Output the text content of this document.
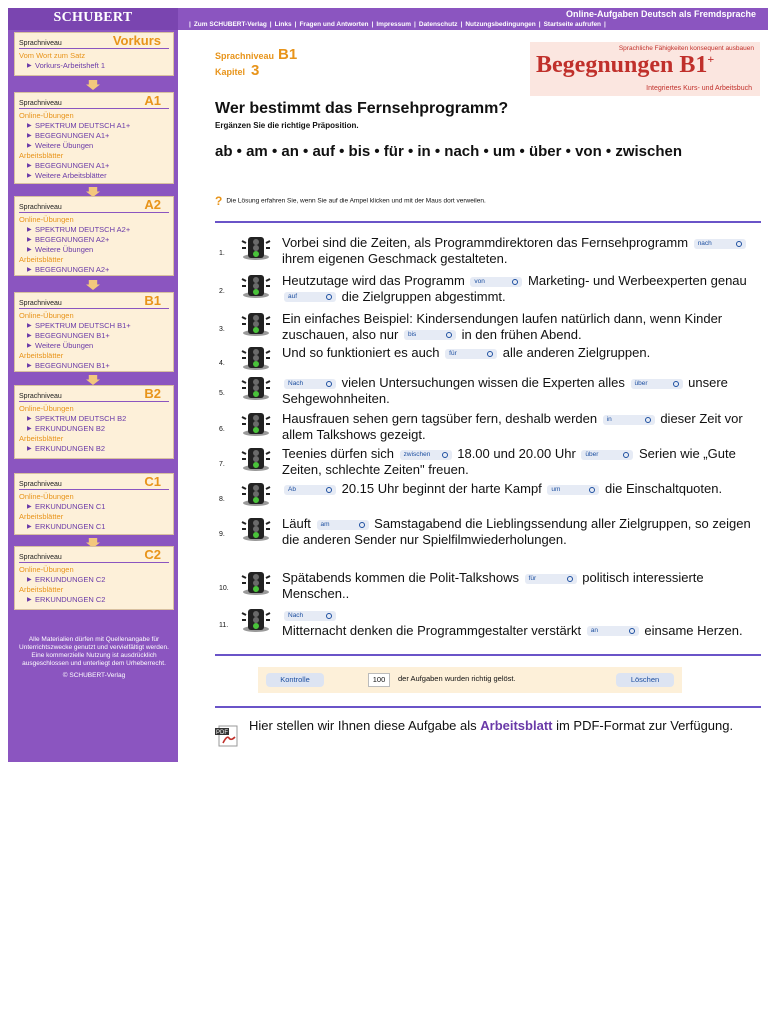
SCHUBERT	Online-Aufgaben Deutsch als Fremdsprache
| Zum SCHUBERT-Verlag | Links | Fragen und Antworten | Impressum | Datenschutz | Nutzungsbedingungen | Startseite aufrufen |
Sprachniveau	Vorkurs
Vom Wort zum Satz
▶ Vorkurs-Arbeitsheft 1
Sprachniveau	A1
Online-Übungen
▶ SPEKTRUM DEUTSCH A1+
▶ BEGEGNUNGEN A1+
▶ Weitere Übungen
Arbeitsblätter
▶ BEGEGNUNGEN A1+
▶ Weitere Arbeitsblätter
Sprachniveau	A2
Online-Übungen
▶ SPEKTRUM DEUTSCH A2+
▶ BEGEGNUNGEN A2+
▶ Weitere Übungen
Arbeitsblätter
▶ BEGEGNUNGEN A2+
Sprachniveau	B1
Online-Übungen
▶ SPEKTRUM DEUTSCH B1+
▶ BEGEGNUNGEN B1+
▶ Weitere Übungen
Arbeitsblätter
▶ BEGEGNUNGEN B1+
Sprachniveau	B2
Online-Übungen
▶ SPEKTRUM DEUTSCH B2
▶ ERKUNDUNGEN B2
Arbeitsblätter
▶ ERKUNDUNGEN B2
Sprachniveau	C1
Online-Übungen
▶ ERKUNDUNGEN C1
Arbeitsblätter
▶ ERKUNDUNGEN C1
Sprachniveau	C2
Online-Übungen
▶ ERKUNDUNGEN C2
Arbeitsblätter
▶ ERKUNDUNGEN C2
Alle Materialien dürfen mit Quellenangabe für Unterrichtszwecke genutzt und vervielfältigt werden. Eine kommerzielle Nutzung ist ausdrücklich ausgeschlossen und unterliegt dem Urheberrecht.
© SCHUBERT-Verlag
Sprachniveau B1
Kapitel 3
Sprachliche Fähigkeiten konsequent ausbauen
Begegnungen B1+
Integriertes Kurs- und Arbeitsbuch
Wer bestimmt das Fernsehprogramm?
Ergänzen Sie die richtige Präposition.
ab • am • an • auf • bis • für • in • nach • um • über • von • zwischen
? Die Lösung erfahren Sie, wenn Sie auf die Ampel klicken und mit der Maus dort verweilen.
1.
Vorbei sind die Zeiten, als Programmdirektoren das Fernsehprogramm nach ihrem eigenen Geschmack gestalteten.
2.
Heutzutage wird das Programm von	Marketing- und Werbeexperten genau auf	die Zielgruppen abgestimmt.
3.
Ein einfaches Beispiel: Kindersendungen laufen natürlich dann, wenn Kinder zuschauen, also nur bis	in den frühen Abend.
4.
Und so funktioniert es auch für	alle anderen Zielgruppen.
5.
Nach	vielen Untersuchungen wissen die Experten alles über	unsere Sehgewohnheiten.
6.
Hausfrauen sehen gern tagsüber fern, deshalb werden in	dieser Zeit vor allem Talkshows gezeigt.
7.
Teenies dürfen sich zwischen 18.00 und 20.00 Uhr über	Serien wie „Gute Zeiten, schlechte Zeiten" freuen.
8.
Ab	20.15 Uhr beginnt der harte Kampf um	die Einschaltquoten.
9.
Läuft am	Samstagabend die Lieblingssendung aller Zielgruppen, so zeigen die anderen Sender nur Spielfilmwiederholungen.
10.
Spätabends kommen die Polit-Talkshows für	politisch interessierte Menschen..
11.
Nach
Mitternacht denken die Programmgestalter verstärkt an	einsame Herzen.
Kontrolle	100	der Aufgaben wurden richtig gelöst.	Löschen
PDF Hier stellen wir Ihnen diese Aufgabe als Arbeitsblatt im PDF-Format zur Verfügung.
